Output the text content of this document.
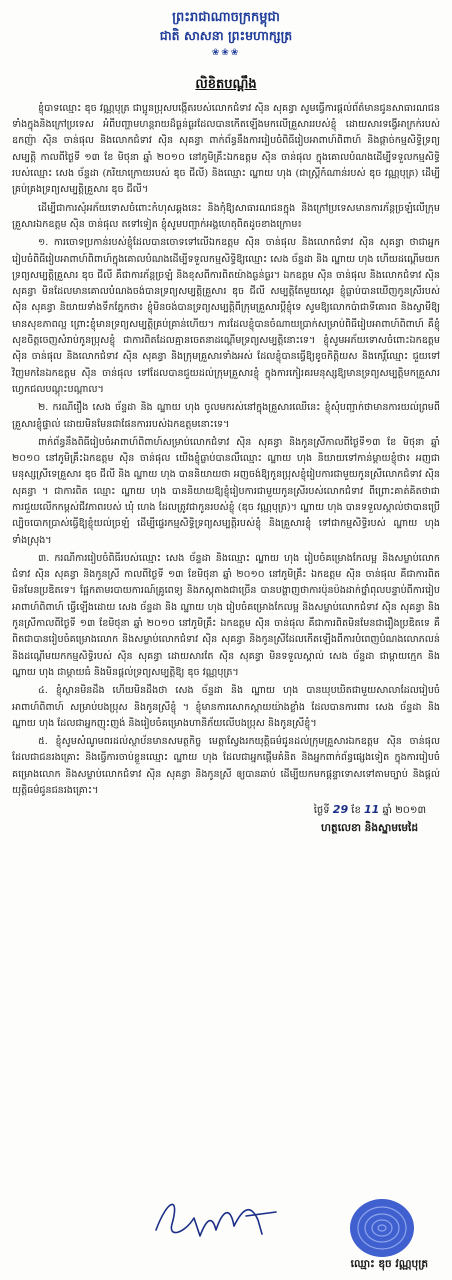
ព្រះរាជាណាចក្រកម្ពុជា
ជាតិ សាសនា ព្រះមហាក្សត្រ
❀❀❀
លិខិតបណ្ដឹង

ខ្ញុំបាទឈ្មោះ ឌុច វណ្ណបុត្រ ជាប្អូនប្រុសបង្កើតរបស់លោកជំទាវ ស៊ិន សុគន្ធា សូមធ្វើការផ្ដល់ព័ត៌មានជូនសាធារណជនទាំងក្នុងនិងក្រៅប្រទេស អំពីបញ្ហាមហន្តរាយដ៏ធ្ងន់ធ្ងរដែលបានកើតឡើងមកលើគ្រួសាររបស់ខ្ញុំ ដោយសារទង្វើអាក្រក់របស់ឧកញ៉ា ស៊ិន ចាន់ផុល និងលោកជំទាវ ស៊ិន សុគន្ធា ពាក់ព័ន្ធនឹងការរៀបចំពិធីរៀបអាពាហ៍ពិពាហ៍ និងផ្ដាច់កម្មសិទ្ធិទ្រព្យសម្បត្តិ កាលពីថ្ងៃទី ១៣ ខែ មិថុនា ឆ្នាំ ២០១០ នៅភូមិគ្រឹះឯកឧត្តម ស៊ិន ចាន់ផុល ក្នុងគោលបំណងដើម្បីទទួលកម្មសិទ្ធិរបស់ឈ្មោះ សេង ច័ន្ទដា (ភរិយាក្រោយរបស់ ឌុច ជីលី) និងឈ្មោះ ណ្ឋាយ ហុង (ជាស្ត្រីកំណាន់របស់ ឌុច វណ្ណបុត្រ) ដើម្បីគ្រប់គ្រងទ្រព្យសម្បត្តិគ្រួសារ ឌុច ជីលី។

ដើម្បីជាការសុំអភ័យទោសចំពោះកំហុសឆ្គងនេះ និងកុំឱ្យសាធារណជនក្នុង និងក្រៅប្រទេសមានការភ័ន្តច្រឡំលើក្រុមគ្រួសារឯកឧត្តម ស៊ិន ចាន់ផុល តទៅទៀត ខ្ញុំសូមបញ្ជាក់អង្គហេតុពិតដូចខាងក្រោម៖

១. ការចោទប្រកាន់របស់ខ្ញុំដែលបានចោទទៅលើឯកឧត្តម ស៊ិន ចាន់ផុល និងលោកជំទាវ ស៊ិន សុគន្ធា ថាជាអ្នករៀបចំពិធីរៀបអាពាហ៍ពិពាហ៍ក្នុងគោលបំណងដើម្បីទទួលកម្មសិទ្ធិឱ្យឈ្មោះ សេង ច័ន្ទដា និង ណ្ឋាយ ហុង ហើយដណ្ដើមយកទ្រព្យសម្បត្តិគ្រួសារ ឌុច ជីលី គឺជាការភ័ន្តច្រឡំ និងខុសពីការពិតយ៉ាងធ្ងន់ធ្ងរ។ ឯកឧត្តម ស៊ិន ចាន់ផុល និងលោកជំទាវ ស៊ិន សុគន្ធា មិនដែលមានគោលបំណងចង់បានទ្រព្យសម្បត្តិគ្រួសារ ឌុច ជីលី សម្បត្តិតែមួយស្តេរ ខ្ញុំធ្លាប់បានឃើញកូនស្រីរបស់ ស៊ិន សុគន្ធា និយាយទាំងទឹកភ្នែកថា៖ ខ្ញុំមិនចង់បានទ្រព្យសម្បត្តិពីក្រុមគ្រួសារប្ដីខ្ញុំទេ សូមឱ្យលោកប៉ាជាទីគោរព និងស្វាមីឱ្យមានសុខភាពល្អ ព្រោះខ្ញុំមានទ្រព្យសម្បត្តិគ្រប់គ្រាន់ហើយ។ ការដែលខ្ញុំបានចំណាយប្រាក់សម្រាប់ពិធីរៀបអាពាហ៍ពិពាហ៍ គឺខ្ញុំសុខចិត្តចេញសំរាប់កូនប្រុសខ្ញុំ ជាការពិតដែលគ្មានចេតនាដណ្ដើមទ្រព្យសម្បត្តិនោះទេ។ ខ្ញុំសូមអភ័យទោសចំពោះឯកឧត្តម ស៊ិន ចាន់ផុល និងលោកជំទាវ ស៊ិន សុគន្ធា និងក្រុមគ្រួសារទាំងអស់ ដែលខ្ញុំបានធ្វើឱ្យខូចកិត្តិយស និងកេរ្តិ៍ឈ្មោះ ជួយទៅវិញមកនៃឯកឧត្តម ស៊ិន ចាន់ផុល ទៅដែលបានជួយដល់ក្រុមគ្រួសារខ្ញុំ ក្នុងការកៀរគរមនុស្សឱ្យមានទ្រព្យសម្បត្តិមកគ្រួសារ ហ្វេកជលបណ្តុះបណ្ដាល។

២. ករណីរឿង សេង ច័ន្ទដា និង ណ្ឋាយ ហុង ចូលមករស់នៅក្នុងគ្រួសារឈើនេះ ខ្ញុំសុំបញ្ជាក់ថាមានការយល់ព្រមពីគ្រួសារខ្ញុំផ្ទាល់ ដោយមិនមែនជាផែនការរបស់ឯកឧត្តមនោះទេ។

ពាក់ព័ន្ធនឹងពិធីរៀបចំអាពាហ៍ពិពាហ៍សម្រាប់លោកជំទាវ ស៊ិន សុគន្ធា និងកូនស្រីកាលពីថ្ងៃទី១៣ ខែ មិថុនា ឆ្នាំ ២០១០ នៅភូមិគ្រឹះឯកឧត្តម ស៊ិន ចាន់ផុល យើងខ្ញុំធ្លាប់បានលឺឈ្មោះ ណ្ឋាយ ហុង និយាយទៅកាន់ម្ដាយខ្ញុំថា៖ អញជាមនុស្សស្រីទេគ្រួសារ ឌុច ជីលី និង ណ្ឋាយ ហុង បាននិយាយថា អញចង់ឱ្យកូនប្រុសខ្ញុំរៀបការជាមួយកូនស្រីលោកជំទាវ ស៊ិន សុគន្ធា ។ ជាការពិត ឈ្មោះ ណ្ឋាយ ហុង បាននិយាយឱ្យខ្ញុំរៀបការជាមួយកូនស្រីរបស់លោកជំទាវ ពីព្រោះគាត់គិតថាជាការជួយលើកកម្ពស់ជីវភាពរបស់ ឃុំ ហេង ដែលត្រូវជាកូនរបស់ខ្ញុំ (ឌុច វណ្ណបុត្រ)។ ណ្ឋាយ ហុង បានទទួលស្គាល់ថាបានប្រើល្បិចបោកប្រាស់ធ្វើឱ្យខ្ញុំយល់ច្រឡំ ដើម្បីផ្ទេរកម្មសិទ្ធិទ្រព្យសម្បត្តិរបស់ខ្ញុំ និងគ្រួសារខ្ញុំ ទៅជាកម្មសិទ្ធិរបស់ ណ្ឋាយ ហុង ទាំងស្រុង។

៣. ករណីការរៀបចំពិធីរបស់ឈ្មោះ សេង ច័ន្ទដា និងឈ្មោះ ណ្ឋាយ ហុង រៀបចំគម្រោងកែលម្អ និងសម្លាប់លោកជំទាវ ស៊ិន សុគន្ធា និងកូនស្រី កាលពីថ្ងៃទី ១៣ ខែមិថុនា ឆ្នាំ ២០១០ នៅភូមិគ្រឹះ ឯកឧត្តម ស៊ិន ចាន់ផុល គឺជាការពិតមិនមែនប្រឌិតទេ។ ផ្អែកតាមរបាយការណ៍គ្រូពេទ្យ និងភស្តុតាងជាច្រើន បានបង្ហាញថាការប៉ុនប៉ងដាក់ថ្នាំពុលបន្ទាប់ពីការរៀបអាពាហ៍ពិពាហ៍ ធ្វើឡើងដោយ សេង ច័ន្ទដា និង ណ្ឋាយ ហុង រៀបចំគម្រោងកែលម្អ និងសម្លាប់លោកជំទាវ ស៊ិន សុគន្ធា និងកូនស្រីកាលពីថ្ងៃទី ១៣ ខែមិថុនា ឆ្នាំ ២០១០ នៅភូមិគ្រឹះ ឯកឧត្តម ស៊ិន ចាន់ផុល គឺជាការពិតមិនមែនជារឿងប្រឌិតទេ គឺពិតជាបានរៀបចំគម្រោងលោក និងសម្លាប់លោកជំទាវ ស៊ិន សុគន្ធា និងកូនស្រីដែលកើតឡើងពីការបំពេញបំណងលោភលន់ និងដណ្ដើមយកកម្មសិទ្ធិរបស់ ស៊ិន សុគន្ធា ដោយសារតែ ស៊ិន សុគន្ធា មិនទទួលស្គាល់ សេង ច័ន្ទដា ជាម្ដាយក្មេក និង ណ្ឋាយ ហុង ជាម្ដាយធំ និងមិនផ្ដល់ទ្រព្យសម្បត្តិឱ្យ ឌុច វណ្ណបុត្រ។

៤. ខ្ញុំស្ថានមិនដឹង ហើយមិនដឹងថា សេង ច័ន្ទដា និង ណ្ឋាយ ហុង បានឃុបឃិតជាមួយសាលាដែលរៀបចំអាពាហ៍ពិពាហ៍ សម្រាប់បងប្រុស និងកូនស្រីខ្ញុំ ។ ខ្ញុំមានការសោកស្ដាយយ៉ាងខ្លាំង ដែលបានការពារ សេង ច័ន្ទដា និង ណ្ឋាយ ហុង ដែលជាអ្នកញុះញង់ និងរៀបចំគម្រោងហានិភ័យលើបងប្រុស និងកូនស្រីខ្ញុំ។

៥. ខ្ញុំសូមសំណូមពរដល់ស្ថាប័នមានសមត្ថកិច្ច មេត្តាស្វែងរកយុត្តិធម៌ជូនដល់ក្រុមគ្រួសារឯកឧត្តម ស៊ិន ចាន់ផុល ដែលជាជនរងគ្រោះ និងធ្វើការចាប់ខ្លួនឈ្មោះ ណ្ឋាយ ហុង ដែលជាអ្នកផ្ដើមគំនិត និងអ្នកពាក់ព័ន្ធផ្សេងទៀត ក្នុងការរៀបចំគម្រោងលោក និងសម្លាប់លោកជំទាវ ស៊ិន សុគន្ធា និងកូនស្រី ឲ្យបានឆាប់ ដើម្បីយកមកផ្ដន្ទាទោសទៅតាមច្បាប់ និងផ្ដល់យុត្តិធម៌ជូនជនរងគ្រោះ។

ថ្ងៃទី 29 ខែ 11 ឆ្នាំ ២០១៣
ហត្ថលេខា និងស្នាមមេដៃ
ឈ្មោះ ឌុច វណ្ណបុត្រ
